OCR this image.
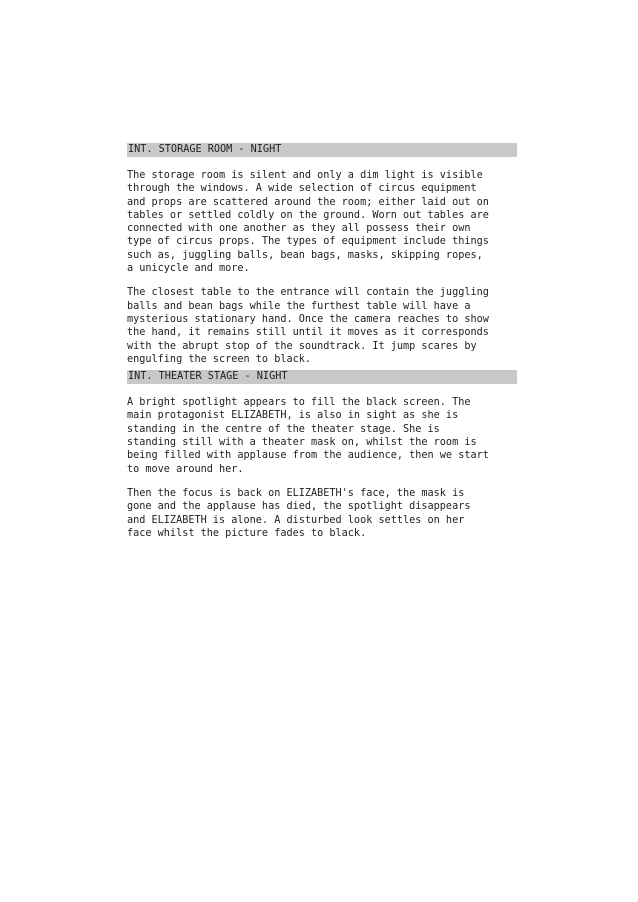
INT. STORAGE ROOM - NIGHT

The storage room is silent and only a dim light is visible
through the windows. A wide selection of circus equipment
and props are scattered around the room; either laid out on
tables or settled coldly on the ground. Worn out tables are
connected with one another as they all possess their own
type of circus props. The types of equipment include things
such as, juggling balls, bean bags, masks, skipping ropes,
a unicycle and more.

The closest table to the entrance will contain the juggling
balls and bean bags while the furthest table will have a
mysterious stationary hand. Once the camera reaches to show
the hand, it remains still until it moves as it corresponds
with the abrupt stop of the soundtrack. It jump scares by
engulfing the screen to black.

INT. THEATER STAGE - NIGHT

A bright spotlight appears to fill the black screen. The
main protagonist ELIZABETH, is also in sight as she is
standing in the centre of the theater stage. She is
standing still with a theater mask on, whilst the room is
being filled with applause from the audience, then we start
to move around her.

Then the focus is back on ELIZABETH's face, the mask is
gone and the applause has died, the spotlight disappears
and ELIZABETH is alone. A disturbed look settles on her
face whilst the picture fades to black.
